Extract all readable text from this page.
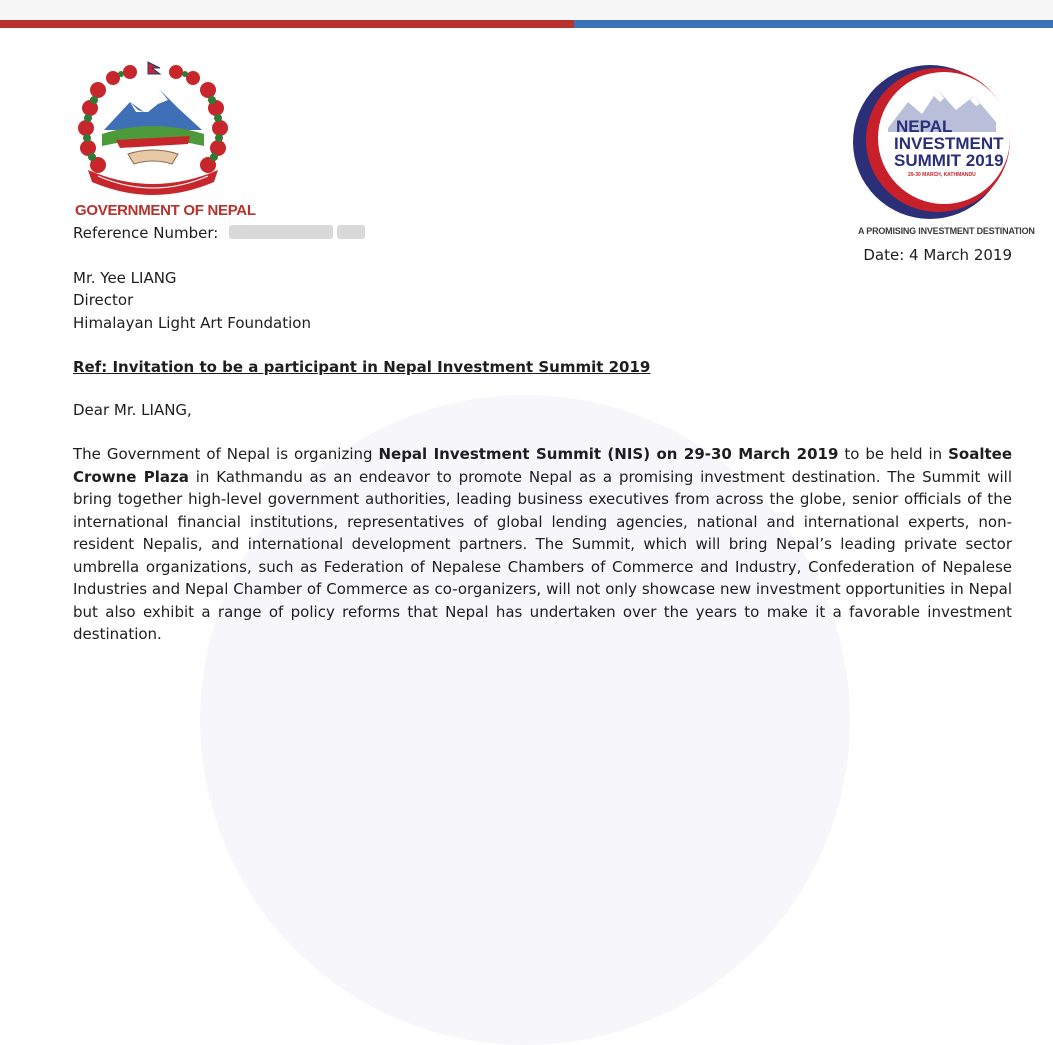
GOVERNMENT OF NEPAL

NEPAL
INVESTMENT
SUMMIT 2019
29-30 MARCH, KATHMANDU

A PROMISING INVESTMENT DESTINATION

Reference Number:

Date: 4 March 2019

Mr. Yee LIANG

Director

Himalayan Light Art Foundation

Ref: Invitation to be a participant in Nepal Investment Summit 2019

Dear Mr. LIANG,

The Government of Nepal is organizing Nepal Investment Summit (NIS) on 29-30 March 2019 to be held in Soaltee Crowne Plaza in Kathmandu as an endeavor to promote Nepal as a promising investment destination. The Summit will bring together high-level government authorities, leading business executives from across the globe, senior officials of the international financial institutions, representatives of global lending agencies, national and international experts, non-resident Nepalis, and international development partners. The Summit, which will bring Nepal’s leading private sector umbrella organizations, such as Federation of Nepalese Chambers of Commerce and Industry, Confederation of Nepalese Industries and Nepal Chamber of Commerce as co-organizers, will not only showcase new investment opportunities in Nepal but also exhibit a range of policy reforms that Nepal has undertaken over the years to make it a favorable investment destination.
